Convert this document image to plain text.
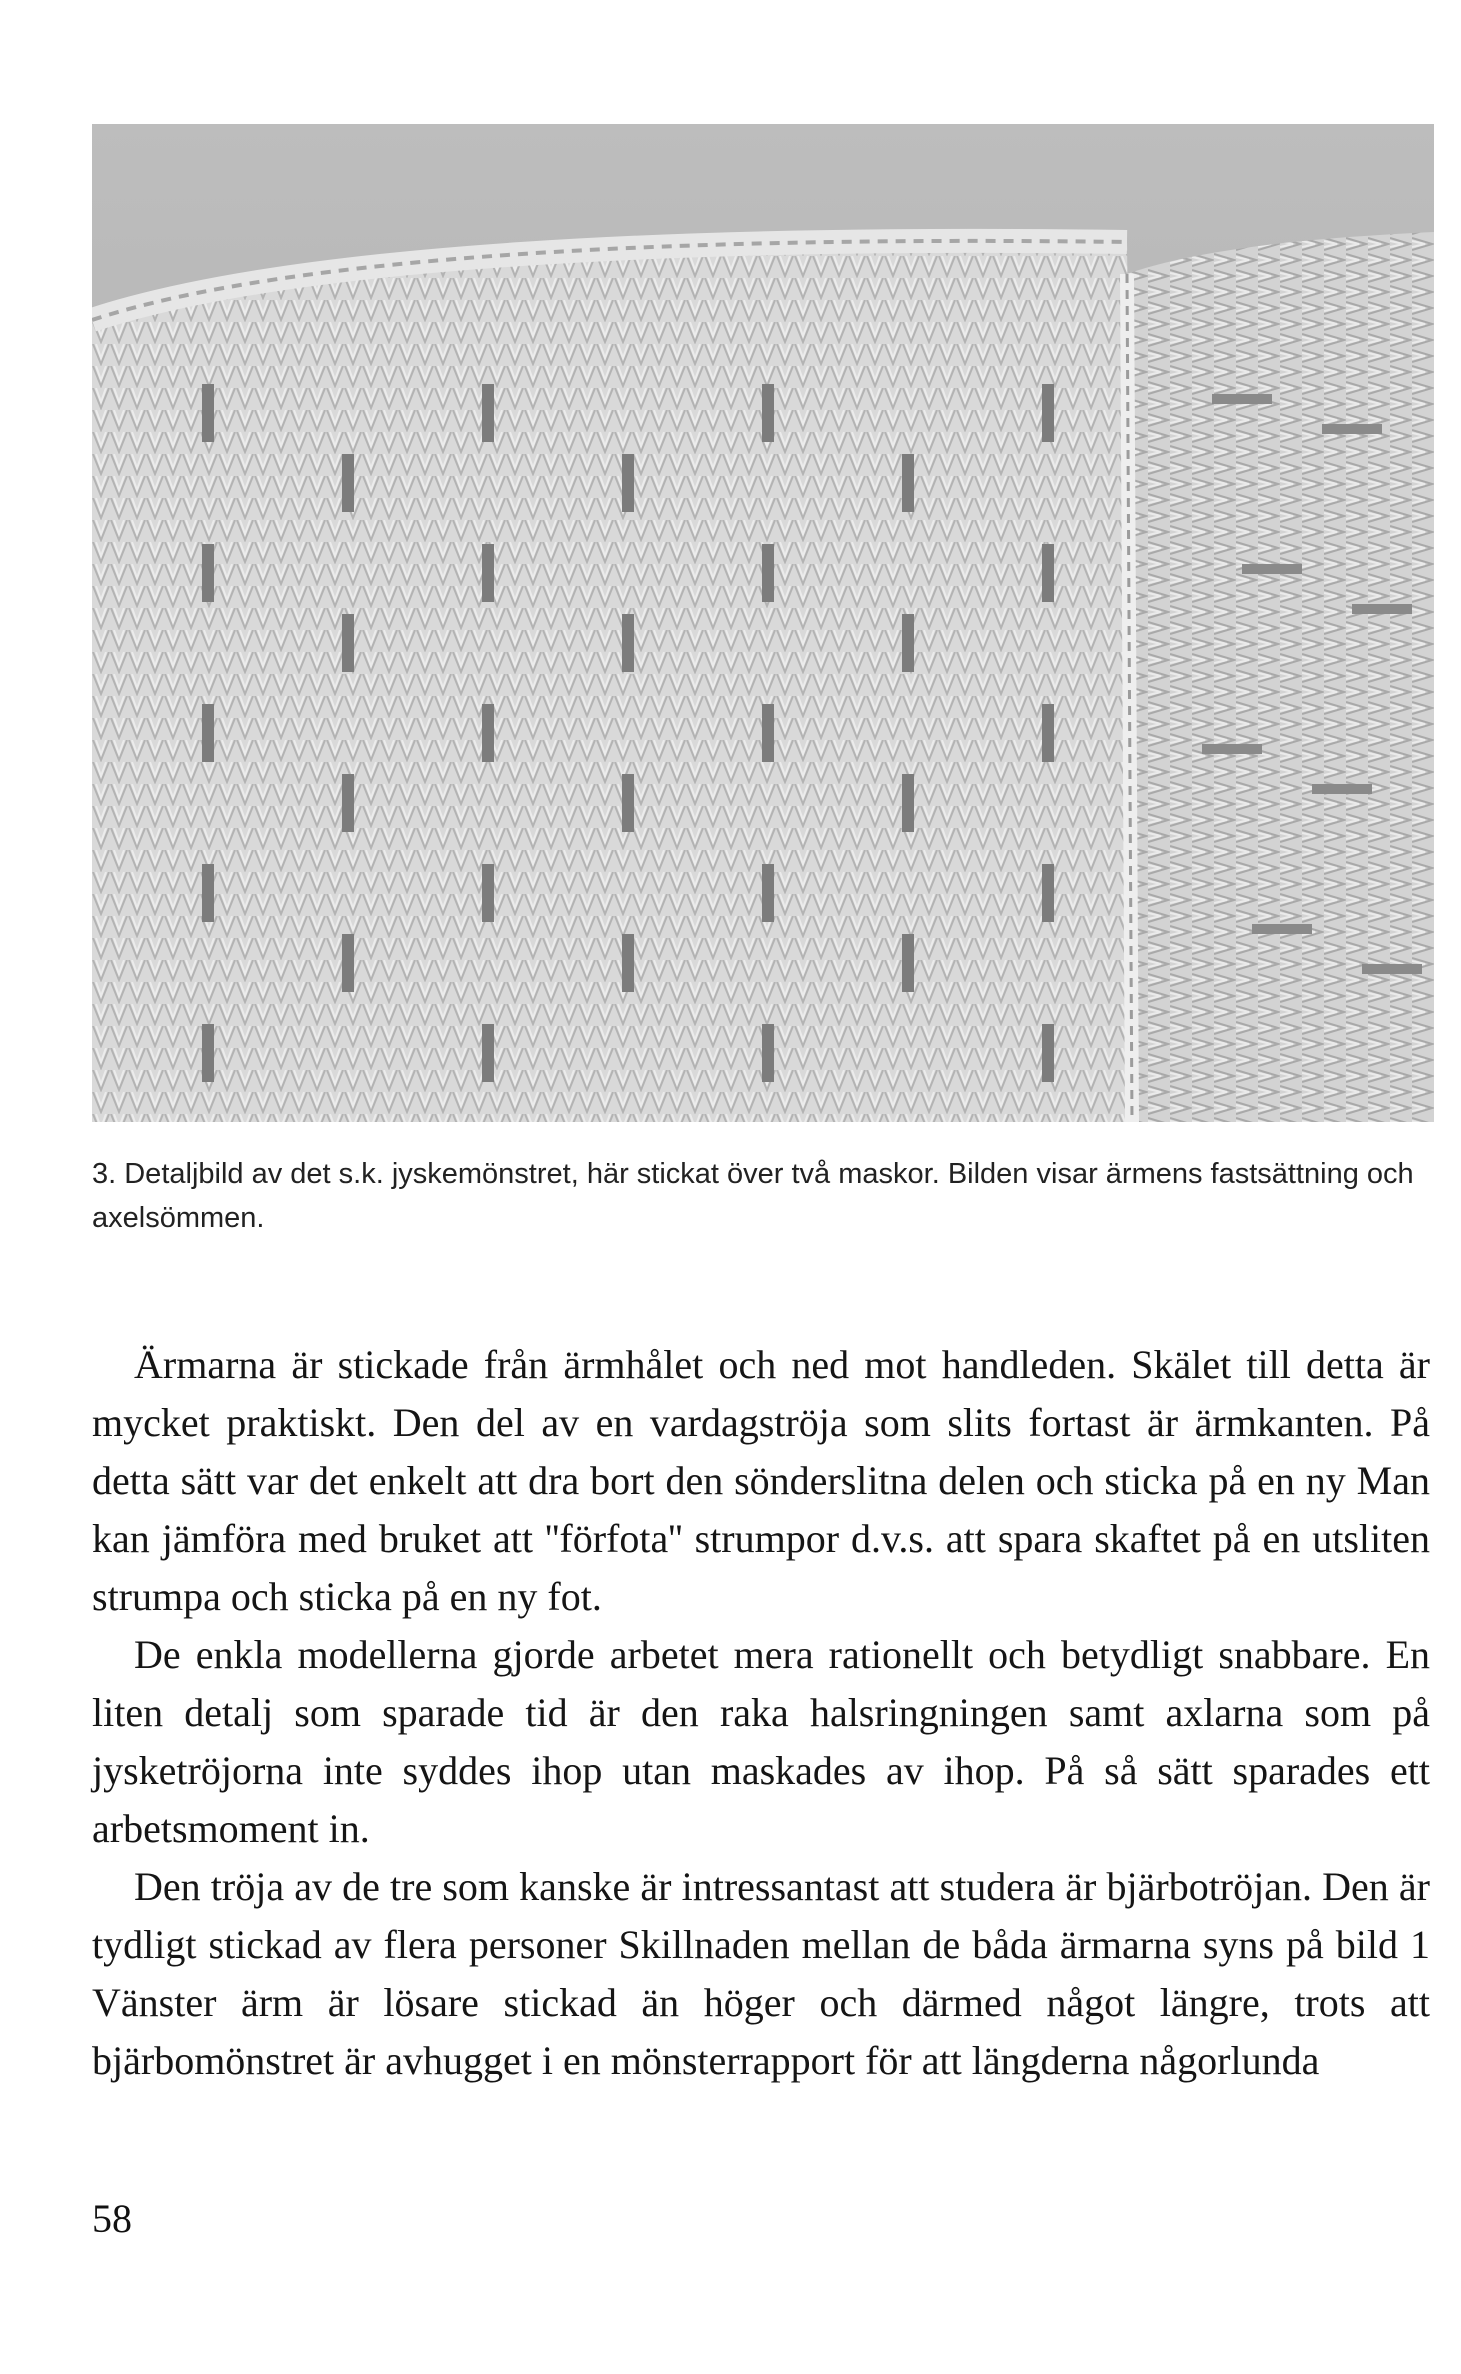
3. Detaljbild av det s.k. jyskemönstret, här stickat över två maskor. Bilden visar ärmens fastsättning och axelsömmen.

Ärmarna är stickade från ärmhålet och ned mot handleden. Skälet till detta är mycket praktiskt. Den del av en vardagströja som slits fortast är ärmkanten. På detta sätt var det enkelt att dra bort den sönderslitna delen och sticka på en ny Man kan jämföra med bruket att ''förfota'' strumpor d.v.s. att spara skaftet på en utsliten strumpa och sticka på en ny fot.

De enkla modellerna gjorde arbetet mera rationellt och betydligt snabbare. En liten detalj som sparade tid är den raka halsringningen samt axlarna som på jysketröjorna inte syddes ihop utan maskades av ihop. På så sätt sparades ett arbetsmoment in.

Den tröja av de tre som kanske är intressantast att studera är bjärbotröjan. Den är tydligt stickad av flera personer Skillnaden mellan de båda ärmarna syns på bild 1 Vänster ärm är lösare stickad än höger och därmed något längre, trots att bjärbomönstret är avhugget i en mönsterrapport för att längderna någorlunda

58
